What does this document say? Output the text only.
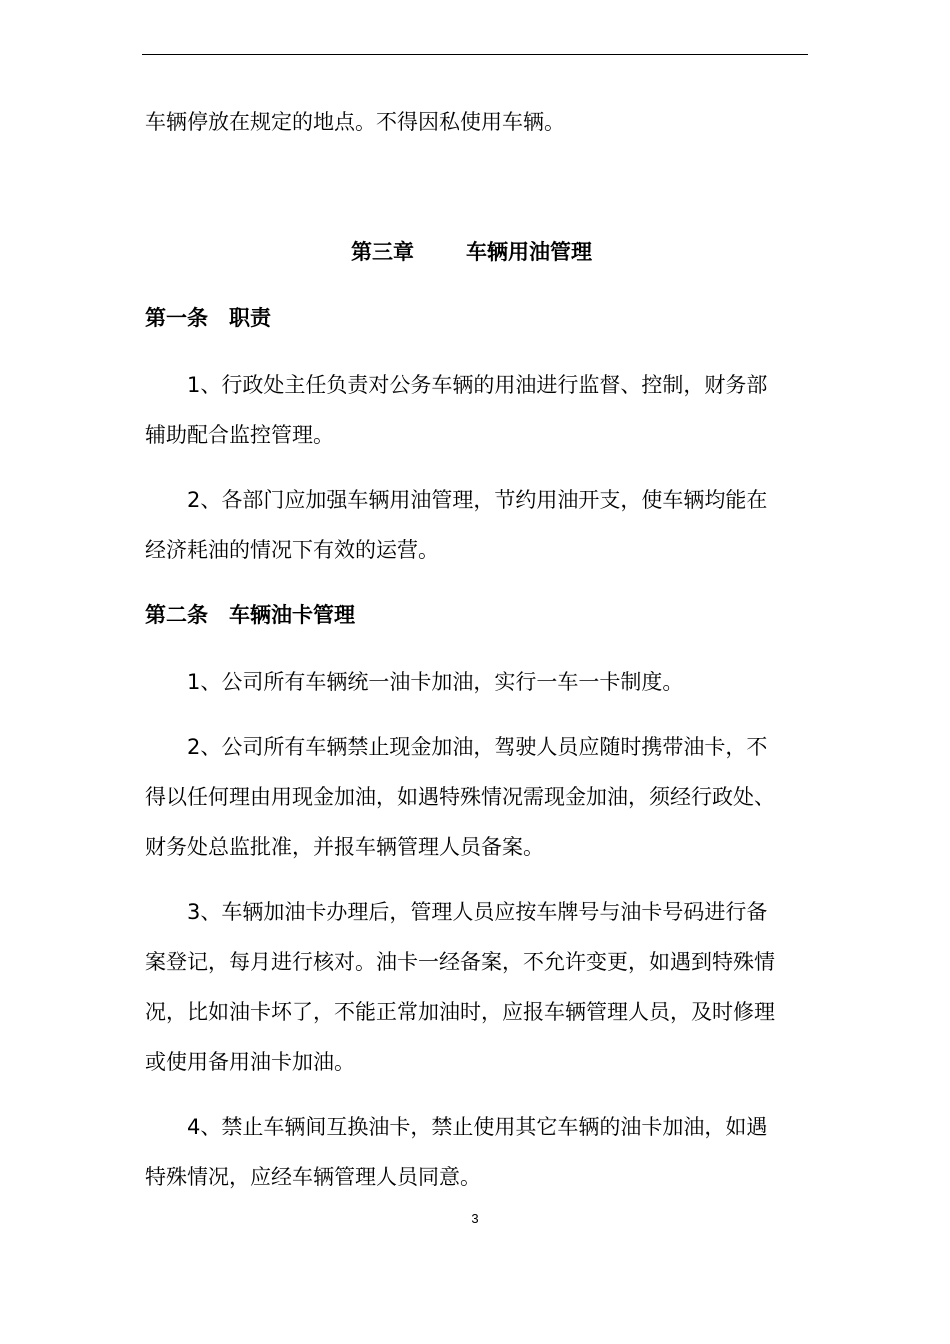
车辆停放在规定的地点。不得因私使用车辆。
第三章 车辆用油管理
第一条　职责
1、行政处主任负责对公务车辆的用油进行监督、控制，财务部
辅助配合监控管理。
2、各部门应加强车辆用油管理，节约用油开支，使车辆均能在
经济耗油的情况下有效的运营。
第二条　车辆油卡管理
1、公司所有车辆统一油卡加油，实行一车一卡制度。
2、公司所有车辆禁止现金加油，驾驶人员应随时携带油卡，不
得以任何理由用现金加油，如遇特殊情况需现金加油，须经行政处、
财务处总监批准，并报车辆管理人员备案。
3、车辆加油卡办理后，管理人员应按车牌号与油卡号码进行备
案登记，每月进行核对。油卡一经备案，不允许变更，如遇到特殊情
况，比如油卡坏了，不能正常加油时，应报车辆管理人员，及时修理
或使用备用油卡加油。
4、禁止车辆间互换油卡，禁止使用其它车辆的油卡加油，如遇
特殊情况，应经车辆管理人员同意。
3
